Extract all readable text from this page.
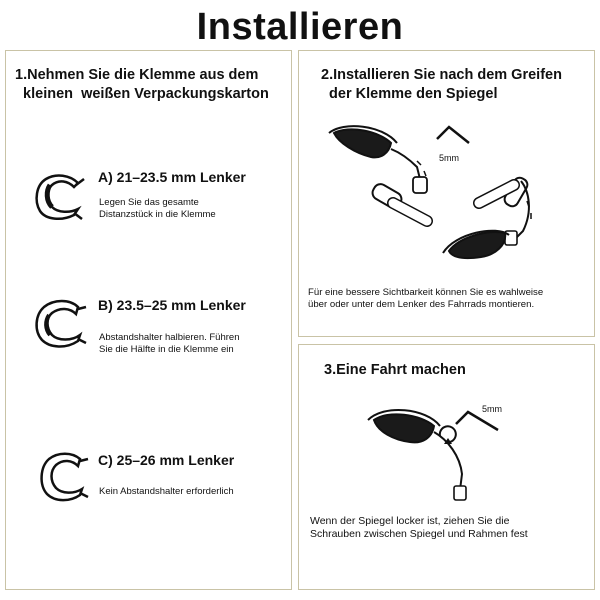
Installieren
1.Nehmen Sie die Klemme aus dem
kleinen  weißen Verpackungskarton
A) 21–23.5 mm Lenker
Legen Sie das gesamte
Distanzstück in die Klemme
B) 23.5–25 mm Lenker
Abstandshalter halbieren. Führen
Sie die Hälfte in die Klemme ein
C) 25–26 mm Lenker
Kein Abstandshalter erforderlich
2.Installieren Sie nach dem Greifen
der Klemme den Spiegel
5mm
Für eine bessere Sichtbarkeit können Sie es wahlweise
über oder unter dem Lenker des Fahrrads montieren.
3.Eine Fahrt machen
5mm
Wenn der Spiegel locker ist, ziehen Sie die
Schrauben zwischen Spiegel und Rahmen fest
